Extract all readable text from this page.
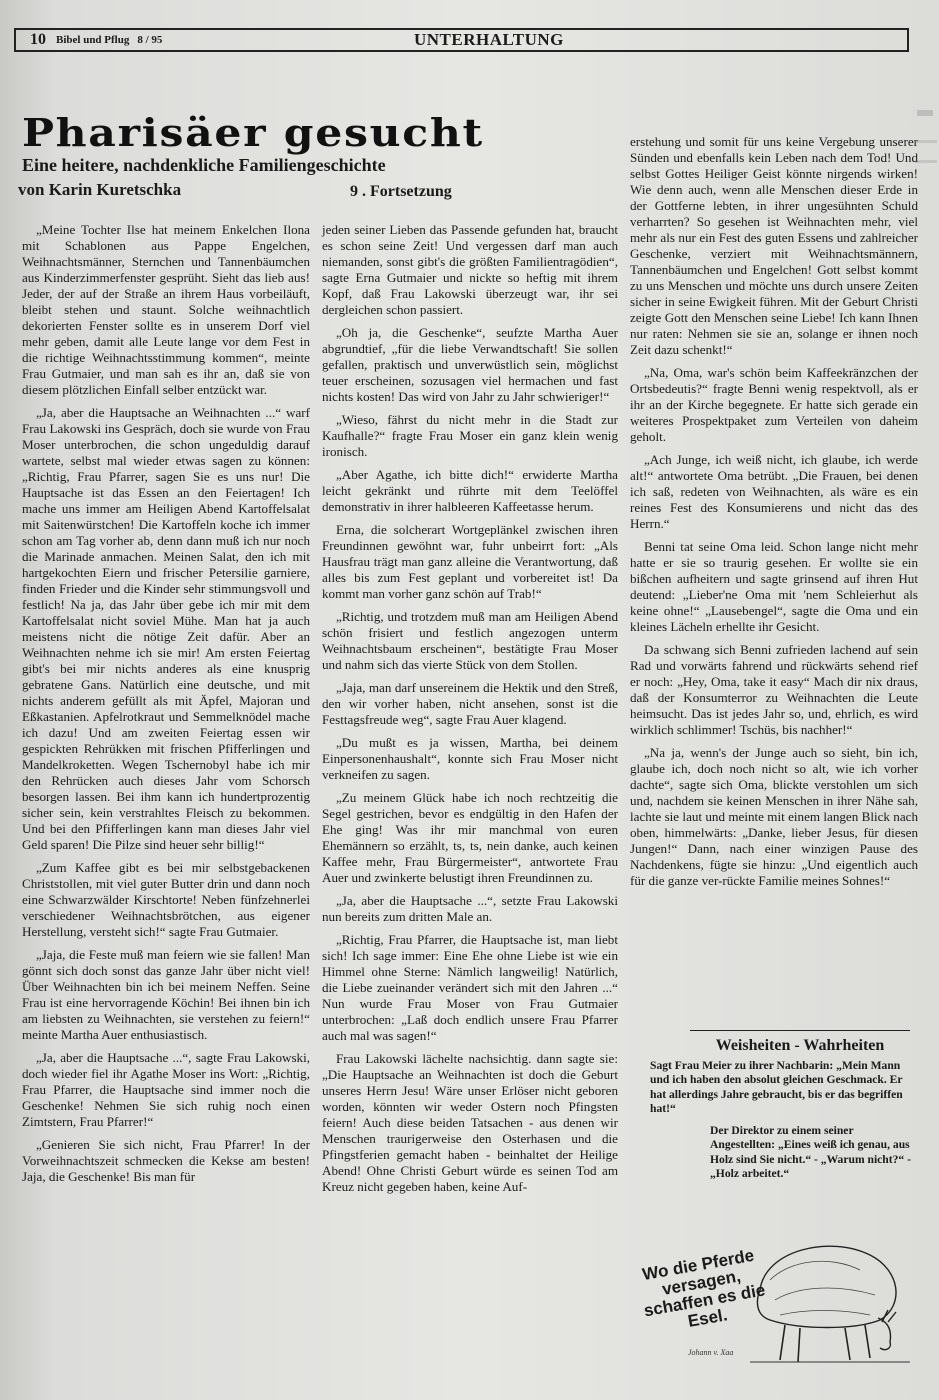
10 Bibel und Pflug 8 / 95	UNTERHALTUNG
Pharisäer gesucht
Eine heitere, nachdenkliche Familiengeschichte
von Karin Kuretschka	9 . Fortsetzung

„Meine Tochter Ilse hat meinem Enkelchen Ilona mit Schablonen aus Pappe Engelchen, Weihnachtsmänner, Sternchen und Tannenbäumchen aus Kinderzimmerfenster gesprüht. Sieht das lieb aus! Jeder, der auf der Straße an ihrem Haus vorbeiläuft, bleibt stehen und staunt. Solche weihnachtlich dekorierten Fenster sollte es in unserem Dorf viel mehr geben, damit alle Leute lange vor dem Fest in die richtige Weihnachtsstimmung kommen“, meinte Frau Gutmaier, und man sah es ihr an, daß sie von diesem plötzlichen Einfall selber entzückt war.

„Ja, aber die Hauptsache an Weihnachten ...“ warf Frau Lakowski ins Gespräch, doch sie wurde von Frau Moser unterbrochen, die schon ungeduldig darauf wartete, selbst mal wieder etwas sagen zu können: „Richtig, Frau Pfarrer, sagen Sie es uns nur! Die Hauptsache ist das Essen an den Feiertagen! Ich mache uns immer am Heiligen Abend Kartoffelsalat mit Saitenwürstchen! Die Kartoffeln koche ich immer schon am Tag vorher ab, denn dann muß ich nur noch die Marinade anmachen. Meinen Salat, den ich mit hartgekochten Eiern und frischer Petersilie garniere, finden Frieder und die Kinder sehr stimmungsvoll und festlich! Na ja, das Jahr über gebe ich mir mit dem Kartoffelsalat nicht soviel Mühe. Man hat ja auch meistens nicht die nötige Zeit dafür. Aber an Weihnachten nehme ich sie mir! Am ersten Feiertag gibt's bei mir nichts anderes als eine knusprig gebratene Gans. Natürlich eine deutsche, und mit nichts anderem gefüllt als mit Äpfel, Majoran und Eßkastanien. Apfelrotkraut und Semmelknödel mache ich dazu! Und am zweiten Feiertag essen wir gespickten Rehrükken mit frischen Pfifferlingen und Mandelkroketten. Wegen Tschernobyl habe ich mir den Rehrücken auch dieses Jahr vom Schorsch besorgen lassen. Bei ihm kann ich hundertprozentig sicher sein, kein verstrahltes Fleisch zu bekommen. Und bei den Pfifferlingen kann man dieses Jahr viel Geld sparen! Die Pilze sind heuer sehr billig!“

„Zum Kaffee gibt es bei mir selbstgebackenen Christstollen, mit viel guter Butter drin und dann noch eine Schwarzwälder Kirschtorte! Neben fünfzehnerlei verschiedener Weihnachtsbrötchen, aus eigener Herstellung, versteht sich!“ sagte Frau Gutmaier.

„Jaja, die Feste muß man feiern wie sie fallen! Man gönnt sich doch sonst das ganze Jahr über nicht viel! Über Weihnachten bin ich bei meinem Neffen. Seine Frau ist eine hervorragende Köchin! Bei ihnen bin ich am liebsten zu Weihnachten, sie verstehen zu feiern!“ meinte Martha Auer enthusiastisch.

„Ja, aber die Hauptsache ...“, sagte Frau Lakowski, doch wieder fiel ihr Agathe Moser ins Wort: „Richtig, Frau Pfarrer, die Hauptsache sind immer noch die Geschenke! Nehmen Sie sich ruhig noch einen Zimtstern, Frau Pfarrer!“

„Genieren Sie sich nicht, Frau Pfarrer! In der Vorweihnachtszeit schmecken die Kekse am besten! Jaja, die Geschenke! Bis man für

jeden seiner Lieben das Passende gefunden hat, braucht es schon seine Zeit! Und vergessen darf man auch niemanden, sonst gibt's die größten Familientragödien“, sagte Erna Gutmaier und nickte so heftig mit ihrem Kopf, daß Frau Lakowski überzeugt war, ihr sei dergleichen schon passiert.

„Oh ja, die Geschenke“, seufzte Martha Auer abgrundtief, „für die liebe Verwandtschaft! Sie sollen gefallen, praktisch und unverwüstlich sein, möglichst teuer erscheinen, sozusagen viel hermachen und fast nichts kosten! Das wird von Jahr zu Jahr schwieriger!“

„Wieso, fährst du nicht mehr in die Stadt zur Kaufhalle?“ fragte Frau Moser ein ganz klein wenig ironisch.

„Aber Agathe, ich bitte dich!“ erwiderte Martha leicht gekränkt und rührte mit dem Teelöffel demonstrativ in ihrer halbleeren Kaffeetasse herum.

Erna, die solcherart Wortgeplänkel zwischen ihren Freundinnen gewöhnt war, fuhr unbeirrt fort: „Als Hausfrau trägt man ganz alleine die Verantwortung, daß alles bis zum Fest geplant und vorbereitet ist! Da kommt man vorher ganz schön auf Trab!“

„Richtig, und trotzdem muß man am Heiligen Abend schön frisiert und festlich angezogen unterm Weihnachtsbaum erscheinen“, bestätigte Frau Moser und nahm sich das vierte Stück von dem Stollen.

„Jaja, man darf unsereinem die Hektik und den Streß, den wir vorher haben, nicht ansehen, sonst ist die Festtagsfreude weg“, sagte Frau Auer klagend.

„Du mußt es ja wissen, Martha, bei deinem Einpersonenhaushalt“, konnte sich Frau Moser nicht verkneifen zu sagen.

„Zu meinem Glück habe ich noch rechtzeitig die Segel gestrichen, bevor es endgültig in den Hafen der Ehe ging! Was ihr mir manchmal von euren Ehemännern so erzählt, ts, ts, nein danke, auch keinen Kaffee mehr, Frau Bürgermeister“, antwortete Frau Auer und zwinkerte belustigt ihren Freundinnen zu.

„Ja, aber die Hauptsache ...“, setzte Frau Lakowski nun bereits zum dritten Male an.

„Richtig, Frau Pfarrer, die Hauptsache ist, man liebt sich! Ich sage immer: Eine Ehe ohne Liebe ist wie ein Himmel ohne Sterne: Nämlich langweilig! Natürlich, die Liebe zueinander verändert sich mit den Jahren ...“ Nun wurde Frau Moser von Frau Gutmaier unterbrochen: „Laß doch endlich unsere Frau Pfarrer auch mal was sagen!“

Frau Lakowski lächelte nachsichtig. dann sagte sie: „Die Hauptsache an Weihnachten ist doch die Geburt unseres Herrn Jesu! Wäre unser Erlöser nicht geboren worden, könnten wir weder Ostern noch Pfingsten feiern! Auch diese beiden Tatsachen - aus denen wir Menschen traurigerweise den Osterhasen und die Pfingstferien gemacht haben - beinhaltet der Heilige Abend! Ohne Christi Geburt würde es seinen Tod am Kreuz nicht gegeben haben, keine Auf-

erstehung und somit für uns keine Vergebung unserer Sünden und ebenfalls kein Leben nach dem Tod! Und selbst Gottes Heiliger Geist könnte nirgends wirken! Wie denn auch, wenn alle Menschen dieser Erde in der Gottferne lebten, in ihrer ungesühnten Schuld verharrten? So gesehen ist Weihnachten mehr, viel mehr als nur ein Fest des guten Essens und zahlreicher Geschenke, verziert mit Weihnachtsmännern, Tannenbäumchen und Engelchen! Gott selbst kommt zu uns Menschen und möchte uns durch unsere Zeiten sicher in seine Ewigkeit führen. Mit der Geburt Christi zeigte Gott den Menschen seine Liebe! Ich kann Ihnen nur raten: Nehmen sie sie an, solange er ihnen noch Zeit dazu schenkt!“

„Na, Oma, war's schön beim Kaffeekränzchen der Ortsbedeutis?“ fragte Benni wenig respektvoll, als er ihr an der Kirche begegnete. Er hatte sich gerade ein weiteres Prospektpaket zum Verteilen von daheim geholt.

„Ach Junge, ich weiß nicht, ich glaube, ich werde alt!“ antwortete Oma betrübt. „Die Frauen, bei denen ich saß, redeten von Weihnachten, als wäre es ein reines Fest des Konsumierens und nicht das des Herrn.“

Benni tat seine Oma leid. Schon lange nicht mehr hatte er sie so traurig gesehen. Er wollte sie ein bißchen aufheitern und sagte grinsend auf ihren Hut deutend: „Lieber'ne Oma mit 'nem Schleierhut als keine ohne!“ „Lausebengel“, sagte die Oma und ein kleines Lächeln erhellte ihr Gesicht.

Da schwang sich Benni zufrieden lachend auf sein Rad und vorwärts fahrend und rückwärts sehend rief er noch: „Hey, Oma, take it easy“ Mach dir nix draus, daß der Konsumterror zu Weihnachten die Leute heimsucht. Das ist jedes Jahr so, und, ehrlich, es wird wirklich schlimmer! Tschüs, bis nachher!“

„Na ja, wenn's der Junge auch so sieht, bin ich, glaube ich, doch noch nicht so alt, wie ich vorher dachte“, sagte sich Oma, blickte verstohlen um sich und, nachdem sie keinen Menschen in ihrer Nähe sah, lachte sie laut und meinte mit einem langen Blick nach oben, himmelwärts: „Danke, lieber Jesus, für diesen Jungen!“ Dann, nach einer winzigen Pause des Nachdenkens, fügte sie hinzu: „Und eigentlich auch für die ganze ver-rückte Familie meines Sohnes!“

Weisheiten - Wahrheiten

Sagt Frau Meier zu ihrer Nachbarin: „Mein Mann und ich haben den absolut gleichen Geschmack. Er hat allerdings Jahre gebraucht, bis er das begriffen hat!“

Der Direktor zu einem seiner Angestellten: „Eines weiß ich genau, aus Holz sind Sie nicht.“ - „Warum nicht?“ - „Holz arbeitet.“

Wo die Pferde versagen, schaffen es die Esel.
Johann v. Xaa
